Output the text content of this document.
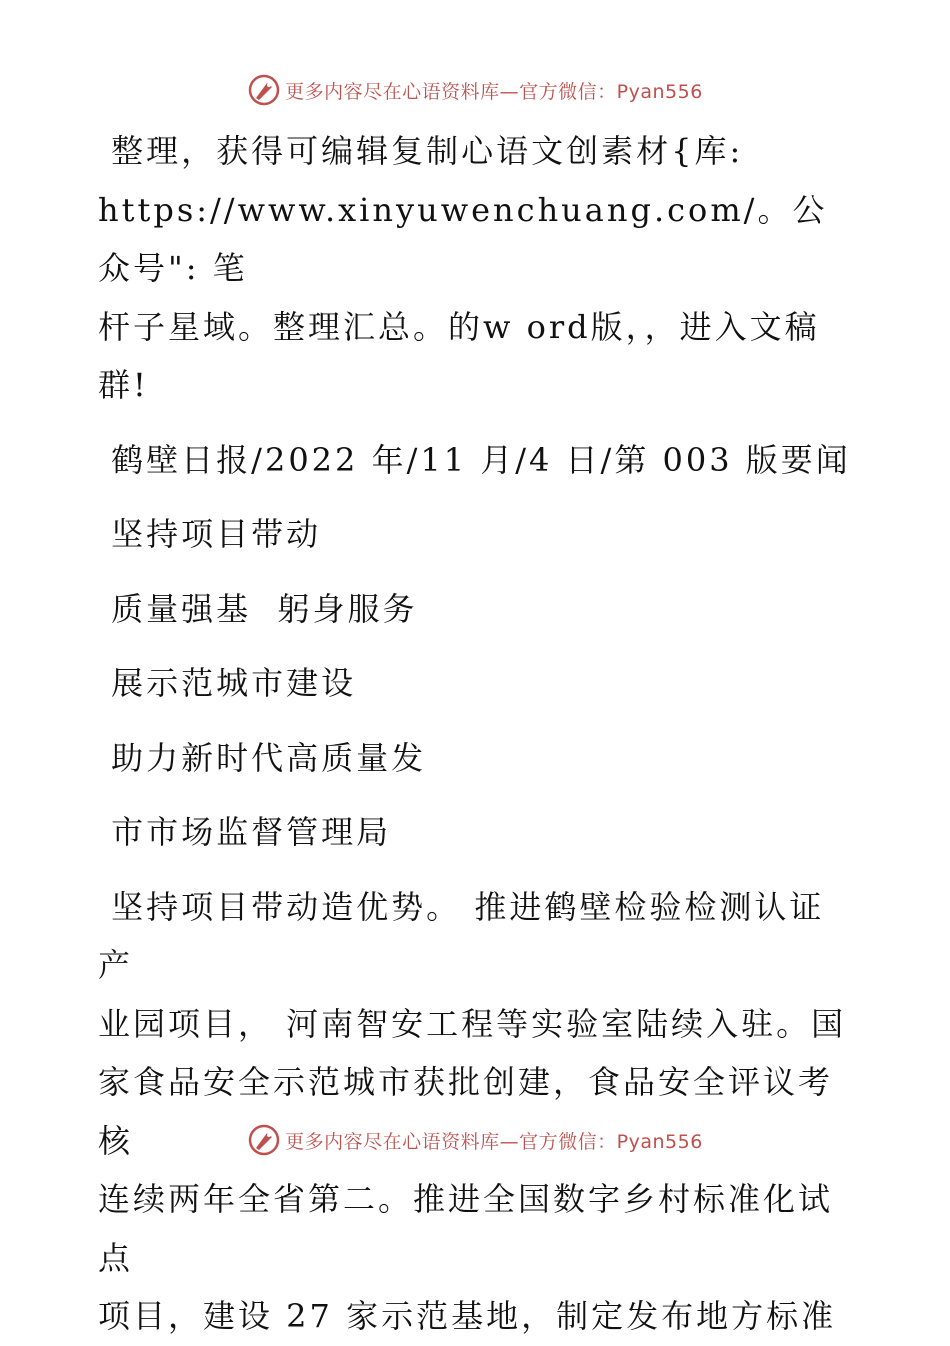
更多内容尽在心语资料库—官方微信：Pyan556

整理，获得可编辑复制心语文创素材{库:

https://www.xinyuwenchuang.com/。公众号": 笔

杆子星域。整理汇总。的w ord版，，进入文稿

群!

鹤壁日报/2022 年/11 月/4 日/第 003 版要闻

坚持项目带动

质量强基  躬身服务

展示范城市建设

助力新时代高质量发

市市场监督管理局

坚持项目带动造优势。 推进鹤壁检验检测认证产

业园项目， 河南智安工程等实验室陆续入驻。国

家食品安全示范城市获批创建，食品安全评议考核

连续两年全省第二。推进全国数字乡村标准化试点

项目，建设 27 家示范基地，制定发布地方标准

更多内容尽在心语资料库—官方微信：Pyan556
